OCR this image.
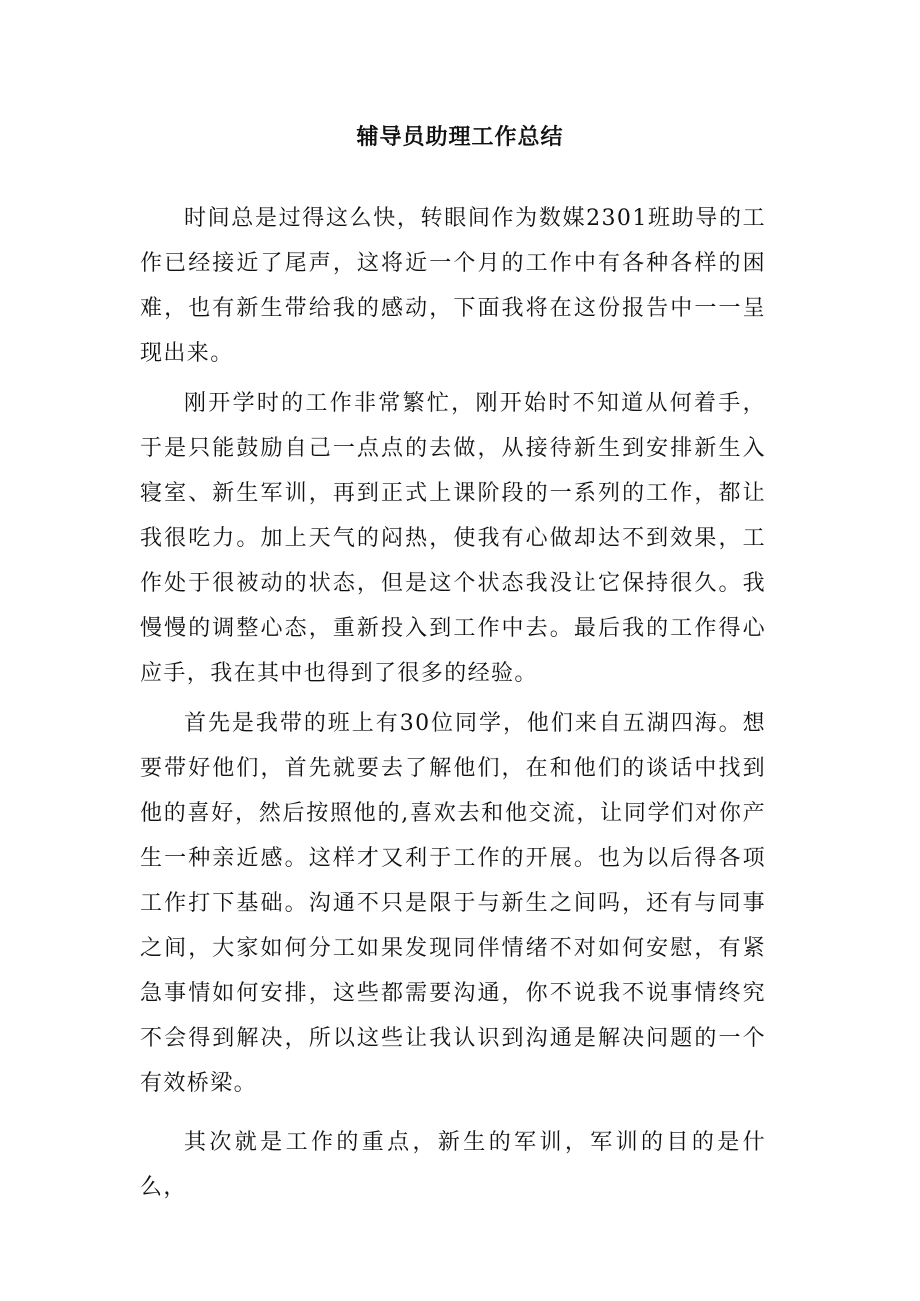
辅导员助理工作总结

时间总是过得这么快，转眼间作为数媒2301班助导的工作已经接近了尾声，这将近一个月的工作中有各种各样的困难，也有新生带给我的感动，下面我将在这份报告中一一呈现出来。

刚开学时的工作非常繁忙，刚开始时不知道从何着手，于是只能鼓励自己一点点的去做，从接待新生到安排新生入寝室、新生军训，再到正式上课阶段的一系列的工作，都让我很吃力。加上天气的闷热，使我有心做却达不到效果，工作处于很被动的状态，但是这个状态我没让它保持很久。我慢慢的调整心态，重新投入到工作中去。最后我的工作得心应手，我在其中也得到了很多的经验。

首先是我带的班上有30位同学，他们来自五湖四海。想要带好他们，首先就要去了解他们，在和他们的谈话中找到他的喜好，然后按照他的,喜欢去和他交流，让同学们对你产生一种亲近感。这样才又利于工作的开展。也为以后得各项工作打下基础。沟通不只是限于与新生之间吗，还有与同事之间，大家如何分工如果发现同伴情绪不对如何安慰，有紧急事情如何安排，这些都需要沟通，你不说我不说事情终究不会得到解决，所以这些让我认识到沟通是解决问题的一个有效桥梁。

其次就是工作的重点，新生的军训，军训的目的是什么，
